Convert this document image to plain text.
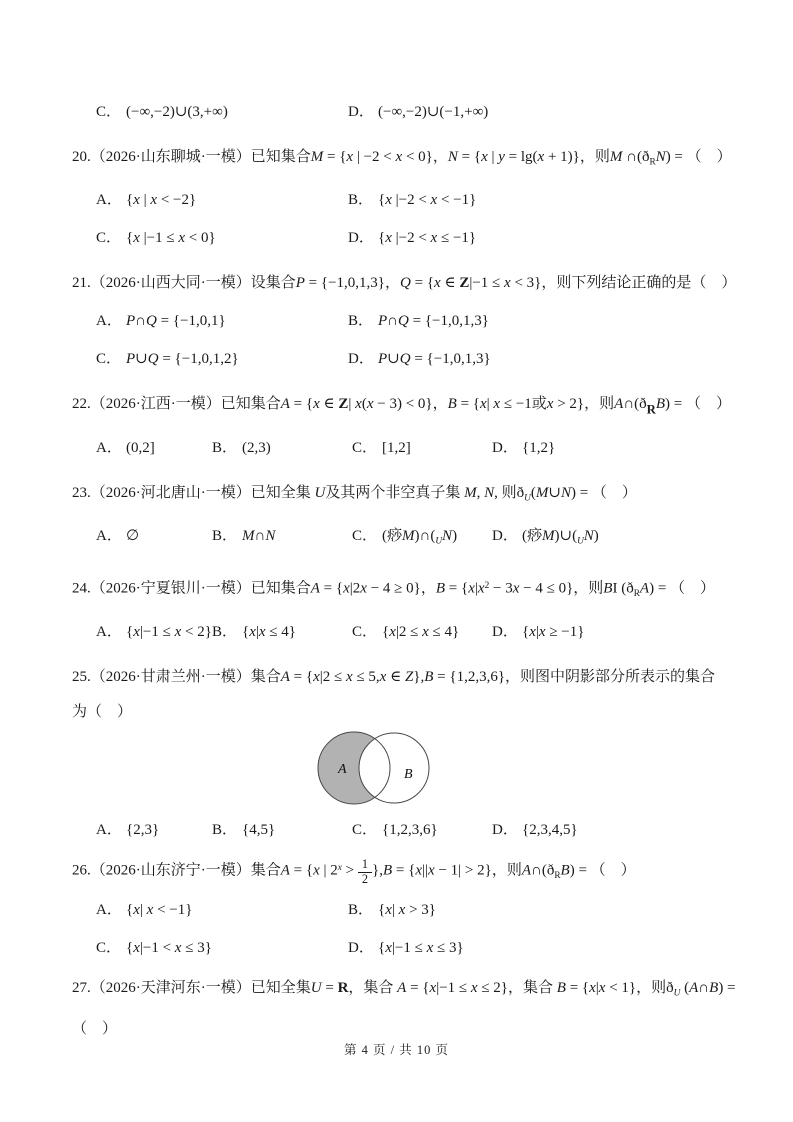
C． (−∞,−2)∪(3,+∞)	D． (−∞,−2)∪(−1,+∞)
20.（2026·山东聊城·一模）已知集合M = {x | −2 < x < 0}，N = {x | y = lg(x + 1)}，则M $\cap(ð_RN)$ = （　）
A． {x | x < −2}	B． {x |−2 < x < −1}
C． {x |−1 ≤ x < 0}	D． {x |−2 < x ≤ −1}
21.（2026·山西大同·一模）设集合P = {−1,0,1,3}，Q = {x ∈ Z|−1 ≤ x < 3}，则下列结论正确的是（　）
A． P∩Q = {−1,0,1}	B． P∩Q = {−1,0,1,3}
C． P∪Q = {−1,0,1,2}	D． P∪Q = {−1,0,1,3}
22.（2026·江西·一模）已知集合A = {x ∈ Z| x(x − 3) < 0}，B = {x| x ≤ −1或x > 2}，则$A\cap(ð_RB)$ = （　）
A． (0,2]	B． (2,3)	C． [1,2]	D． {1,2}
23.（2026·河北唐山·一模）已知全集 U及其两个非空真子集 M, N, 则$ð_U(M\cup N)$ = （　）
A． ∅	B． M∩N	C． (痧$M)\cap(_UN)$	D． (痧$M)\cup(_UN)$
24.（2026·宁夏银川·一模）已知集合A = {x|2x − 4 ≥ 0}，$B = \{x|x^2 - 3x - 4 \le 0\}$，则BI $(ð_RA)$ = （　）
A． {x|−1 ≤ x < 2} B． {x|x ≤ 4}	C． {x|2 ≤ x ≤ 4}	D． {x|x ≥ −1}
25.（2026·甘肃兰州·一模）集合A = {x|2 ≤ x ≤ 5,x ∈ Z},B = {1,2,3,6}，则图中阴影部分所表示的集合
为（　）
A	B
A． {2,3}	B． {4,5}	C． {1,2,3,6}	D． {2,3,4,5}
26.（2026·山东济宁·一模）集合A = {x | $2^x > \frac{1}{2} \},B = \{x||x - 1| > 2\}$，则$A\cap(ð_RB)$ = （　）
A． {x| x < −1}	B． {x| x > 3}
C． {x|−1 < x ≤ 3}	D． {x|−1 ≤ x ≤ 3}
27.（2026·天津河东·一模）已知全集U = R，集合 A = {x|−1 ≤ x ≤ 2}，集合 B = {x|x < 1}，则$ð_U$ (A∩B) =
（　）
第 4 页 / 共 10 页
